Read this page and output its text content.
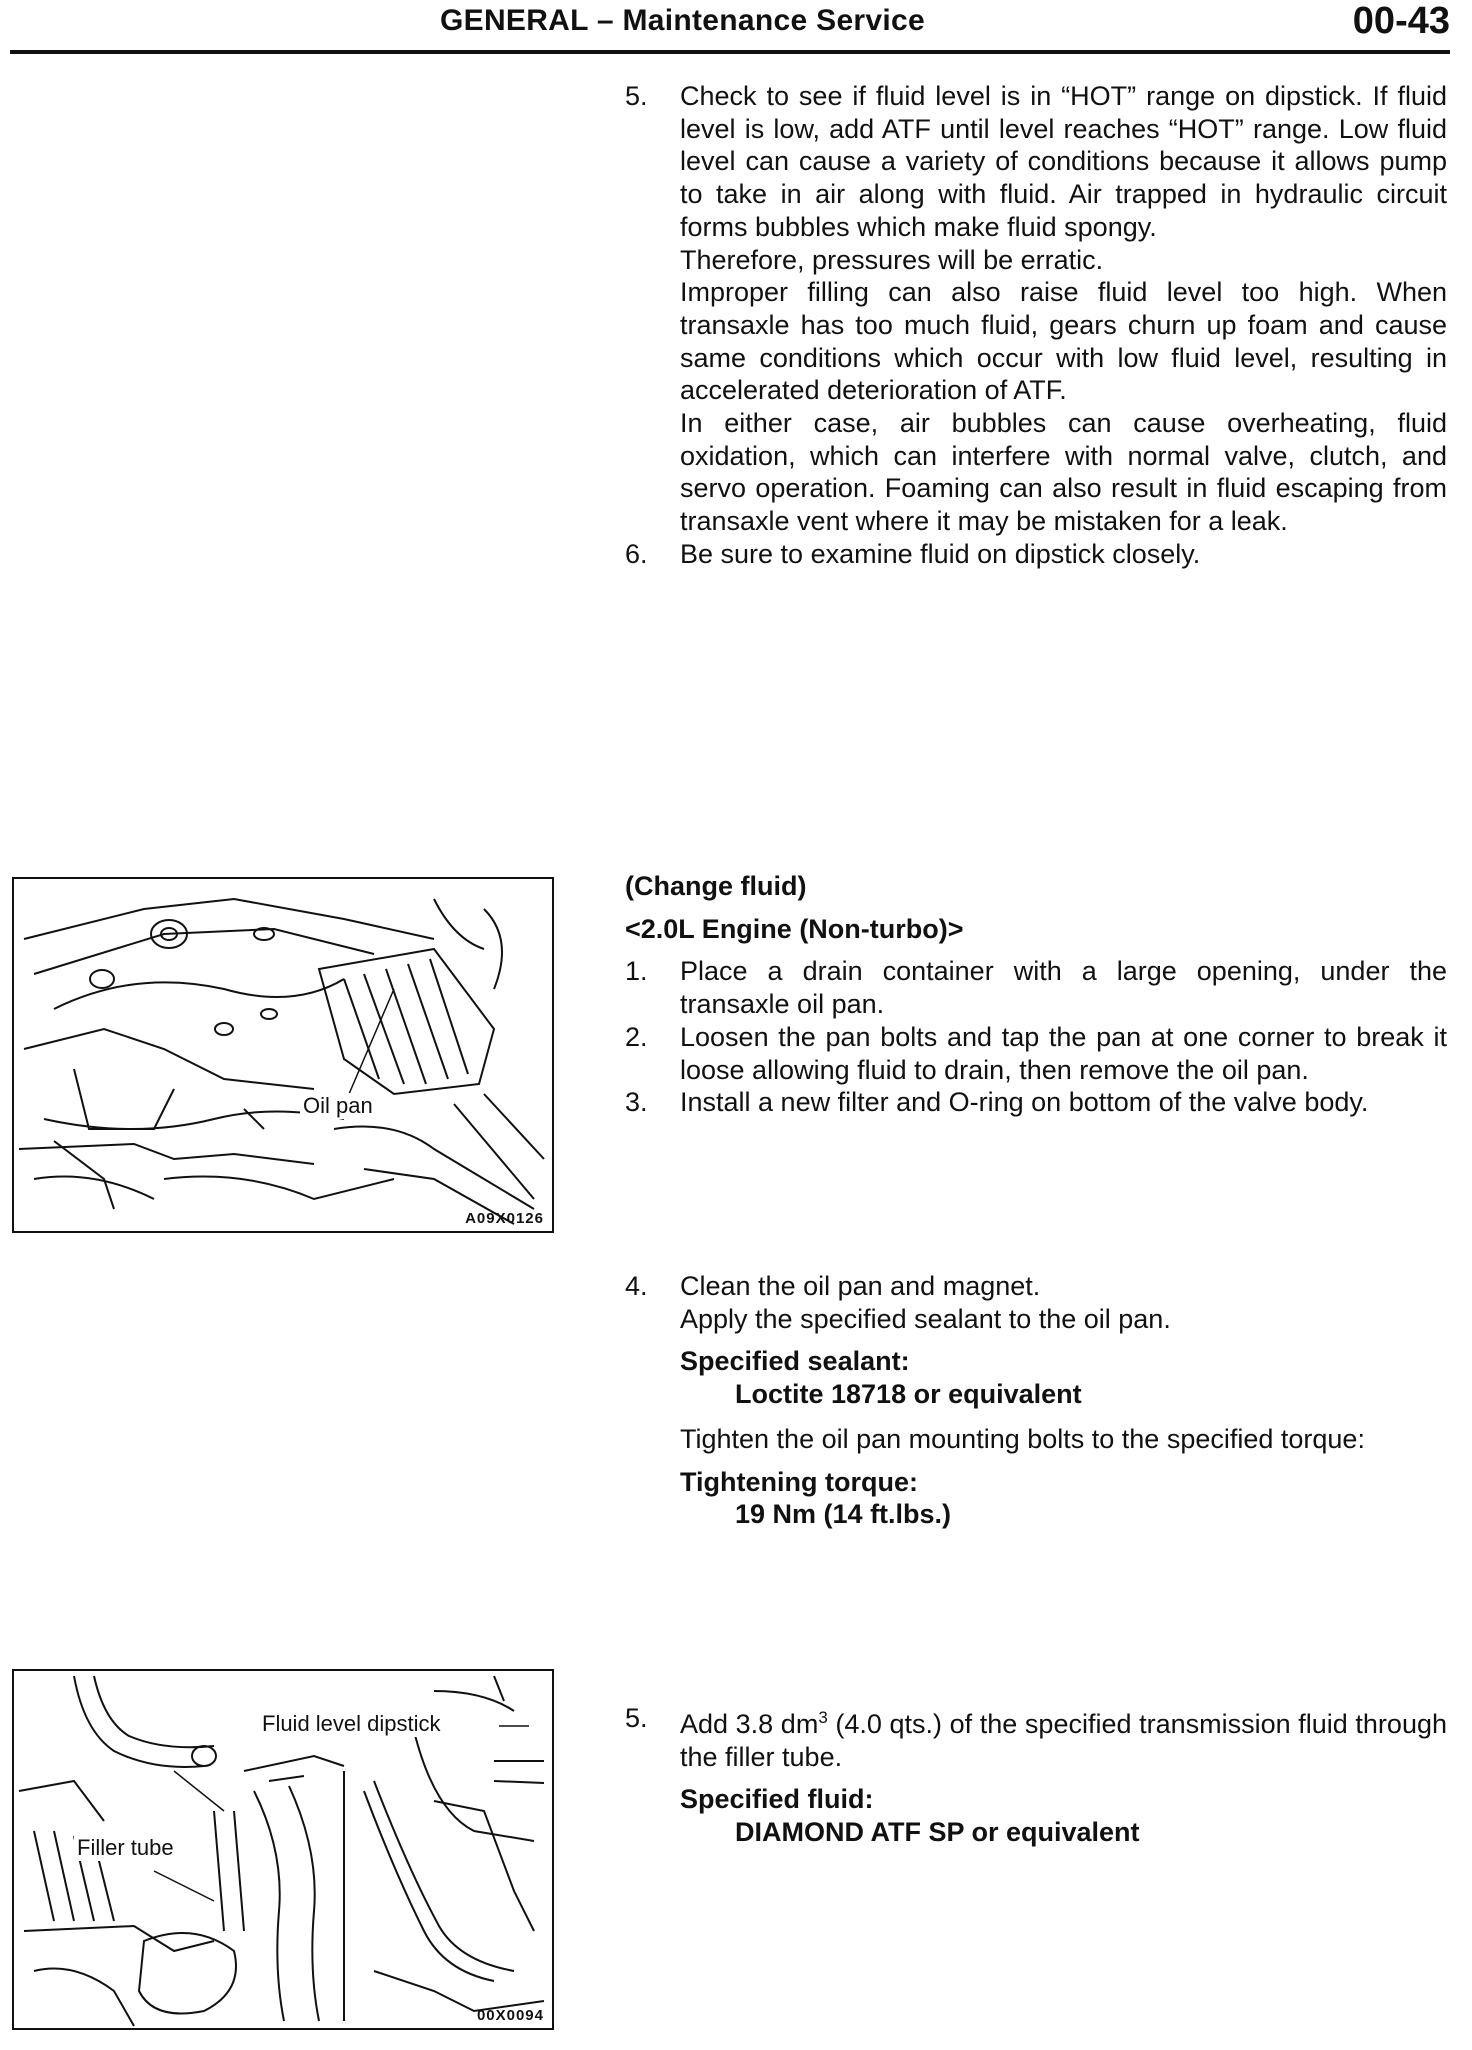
GENERAL – Maintenance Service	00-43
5. Check to see if fluid level is in “HOT” range on dipstick. If fluid level is low, add ATF until level reaches “HOT” range. Low fluid level can cause a variety of conditions because it allows pump to take in air along with fluid. Air trapped in hydraulic circuit forms bubbles which make fluid spongy.

Therefore, pressures will be erratic.

Improper filling can also raise fluid level too high. When transaxle has too much fluid, gears churn up foam and cause same conditions which occur with low fluid level, resulting in accelerated deterioration of ATF.

In either case, air bubbles can cause overheating, fluid oxidation, which can interfere with normal valve, clutch, and servo operation. Foaming can also result in fluid escaping from transaxle vent where it may be mistaken for a leak.

6. Be sure to examine fluid on dipstick closely.

Oil pan
A09X0126
(Change fluid)
<2.0L Engine (Non-turbo)>
1. Place a drain container with a large opening, under the transaxle oil pan.

2. Loosen the pan bolts and tap the pan at one corner to break it loose allowing fluid to drain, then remove the oil pan.

3. Install a new filter and O-ring on bottom of the valve body.

4. Clean the oil pan and magnet.

Apply the specified sealant to the oil pan.

Specified sealant:
Loctite 18718 or equivalent
Tighten the oil pan mounting bolts to the specified torque:
Tightening torque:
19 Nm (14 ft.lbs.)
Fluid level dipstick
Filler tube
00X0094
5. Add 3.8 $dm^3$ (4.0 qts.) of the specified transmission fluid through the filler tube.

Specified fluid:
DIAMOND ATF SP or equivalent
